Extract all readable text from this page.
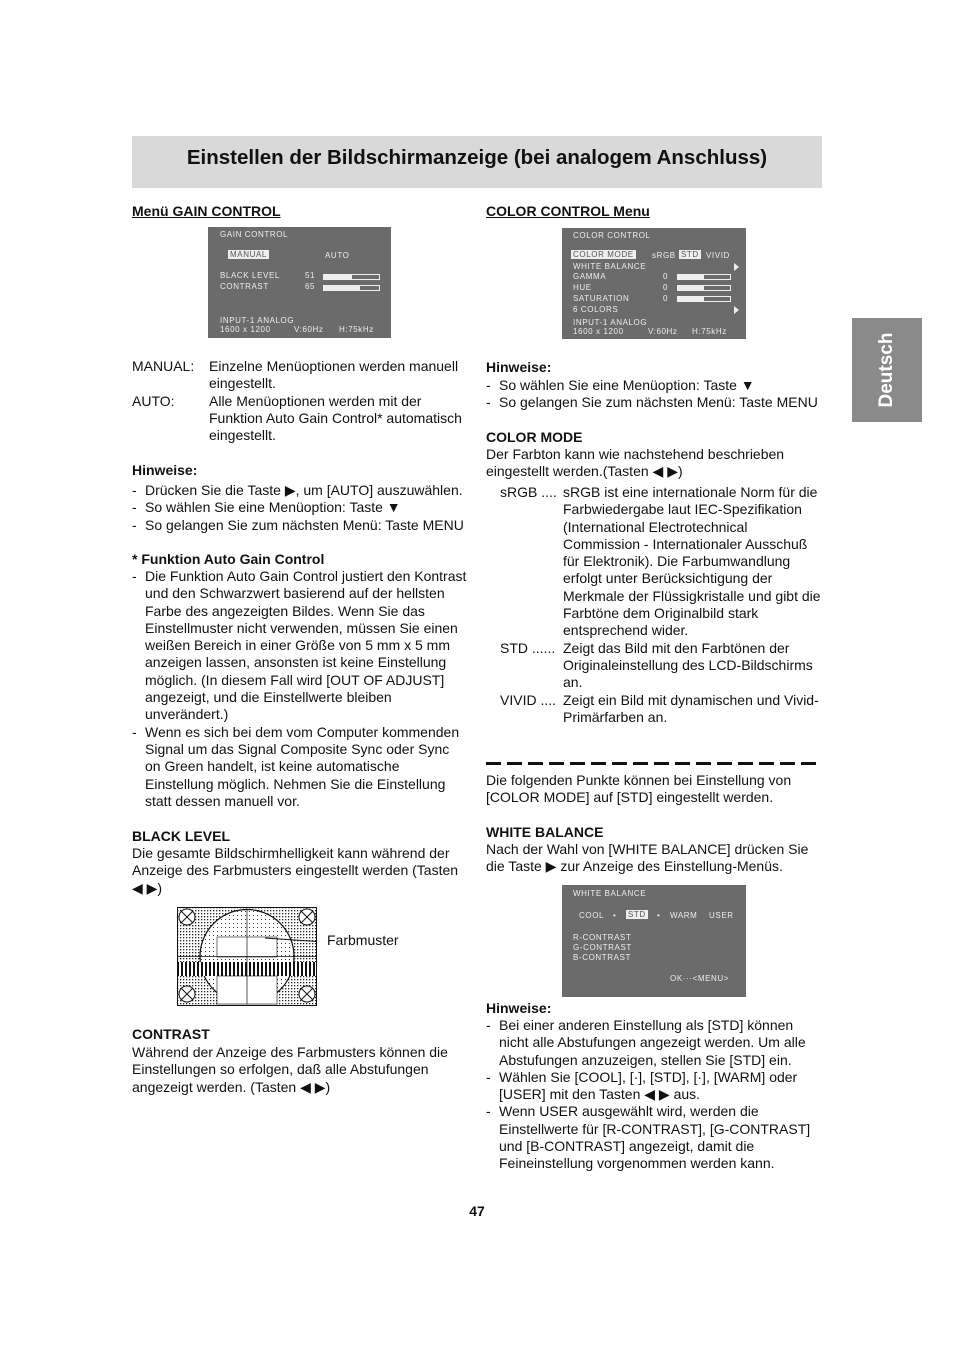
Einstellen der Bildschirmanzeige (bei analogem Anschluss)
Deutsch
Menü GAIN CONTROL
GAIN CONTROL
MANUAL	AUTO
BLACK LEVEL	51
CONTRAST	65
INPUT-1 ANALOG
1600 x 1200	V:60Hz H:75kHz
MANUAL: Einzelne Menüoptionen werden manuell eingestellt.
AUTO: Alle Menüoptionen werden mit der Funktion Auto Gain Control* automatisch eingestellt.
Hinweise:
- Drücken Sie die Taste ▶, um [AUTO] auszuwählen.
- So wählen Sie eine Menüoption: Taste ▼
- So gelangen Sie zum nächsten Menü: Taste MENU
* Funktion Auto Gain Control
- Die Funktion Auto Gain Control justiert den Kontrast und den Schwarzwert basierend auf der hellsten Farbe des angezeigten Bildes. Wenn Sie das Einstellmuster nicht verwenden, müssen Sie einen weißen Bereich in einer Größe von 5 mm x 5 mm anzeigen lassen, ansonsten ist keine Einstellung möglich. (In diesem Fall wird [OUT OF ADJUST] angezeigt, und die Einstellwerte bleiben unverändert.)
- Wenn es sich bei dem vom Computer kommenden Signal um das Signal Composite Sync oder Sync on Green handelt, ist keine automatische Einstellung möglich. Nehmen Sie die Einstellung statt dessen manuell vor.
BLACK LEVEL
Die gesamte Bildschirmhelligkeit kann während der Anzeige des Farbmusters eingestellt werden (Tasten ◀ ▶)
Farbmuster
CONTRAST
Während der Anzeige des Farbmusters können die Einstellungen so erfolgen, daß alle Abstufungen angezeigt werden. (Tasten ◀ ▶)
COLOR CONTROL Menu
COLOR CONTROL
COLOR MODE sRGB STD VIVID
WHITE BALANCE
GAMMA	0
HUE	0
SATURATION	0
6 COLORS
INPUT-1 ANALOG
1600 x 1200	V:60Hz H:75kHz
Hinweise:
- So wählen Sie eine Menüoption: Taste ▼
- So gelangen Sie zum nächsten Menü: Taste MENU
COLOR MODE
Der Farbton kann wie nachstehend beschrieben eingestellt werden.(Tasten ◀ ▶)
sRGB .... sRGB ist eine internationale Norm für die Farbwiedergabe laut IEC-Spezifikation (International Electrotechnical Commission - Internationaler Ausschuß für Elektronik). Die Farbumwandlung erfolgt unter Berücksichtigung der Merkmale der Flüssigkristalle und gibt die Farbtöne dem Originalbild stark entsprechend wider.
STD ...... Zeigt das Bild mit den Farbtönen der Originaleinstellung des LCD-Bildschirms an.
VIVID .... Zeigt ein Bild mit dynamischen und Vivid-Primärfarben an.
Die folgenden Punkte können bei Einstellung von [COLOR MODE] auf [STD] eingestellt werden.
WHITE BALANCE
Nach der Wahl von [WHITE BALANCE] drücken Sie die Taste ▶ zur Anzeige des Einstellung-Menüs.
WHITE BALANCE
COOL • STD • WARM USER
R-CONTRAST
G-CONTRAST
B-CONTRAST
OK···<MENU>
Hinweise:
- Bei einer anderen Einstellung als [STD] können nicht alle Abstufungen angezeigt werden. Um alle Abstufungen anzuzeigen, stellen Sie [STD] ein.
- Wählen Sie [COOL], [·], [STD], [·], [WARM] oder [USER] mit den Tasten ◀ ▶ aus.
- Wenn USER ausgewählt wird, werden die Einstellwerte für [R-CONTRAST], [G-CONTRAST] und [B-CONTRAST] angezeigt, damit die Feineinstellung vorgenommen werden kann.
47
